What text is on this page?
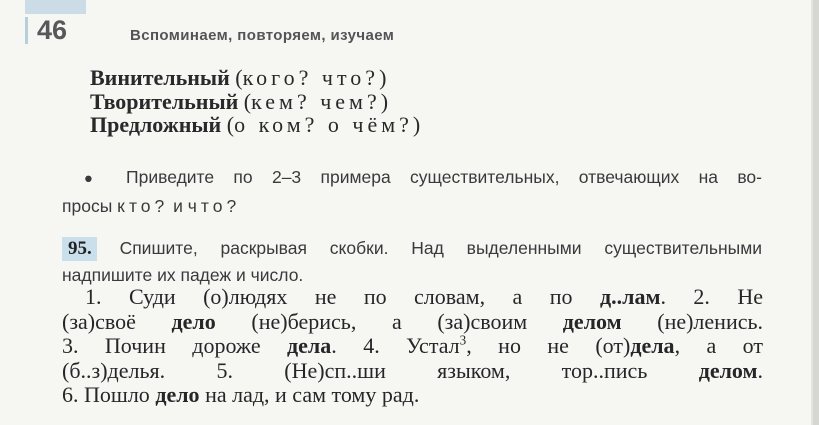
46	Вспоминаем, повторяем, изучаем
Винительный (кого? что?)
Творительный (кем? чем?)
Предложный (о ком? о чём?)
● Приведите по 2–3 примера существительных, отвечающих на во-
просы кто? и что?
95. Спишите, раскрывая скобки. Над выделенными существительными
надпишите их падеж и число.
1. Суди (о)людях не по словам, а по д..лам. 2. Не
(за)своё дело (не)берись, а (за)своим делом (не)ленись.
3. Почин дороже дела. 4. Устал$^3$, но не (от)дела, а от
(б..з)делья. 5. (Не)сп..ши языком, тор..пись делом.
6. Пошло дело на лад, и сам тому рад.
